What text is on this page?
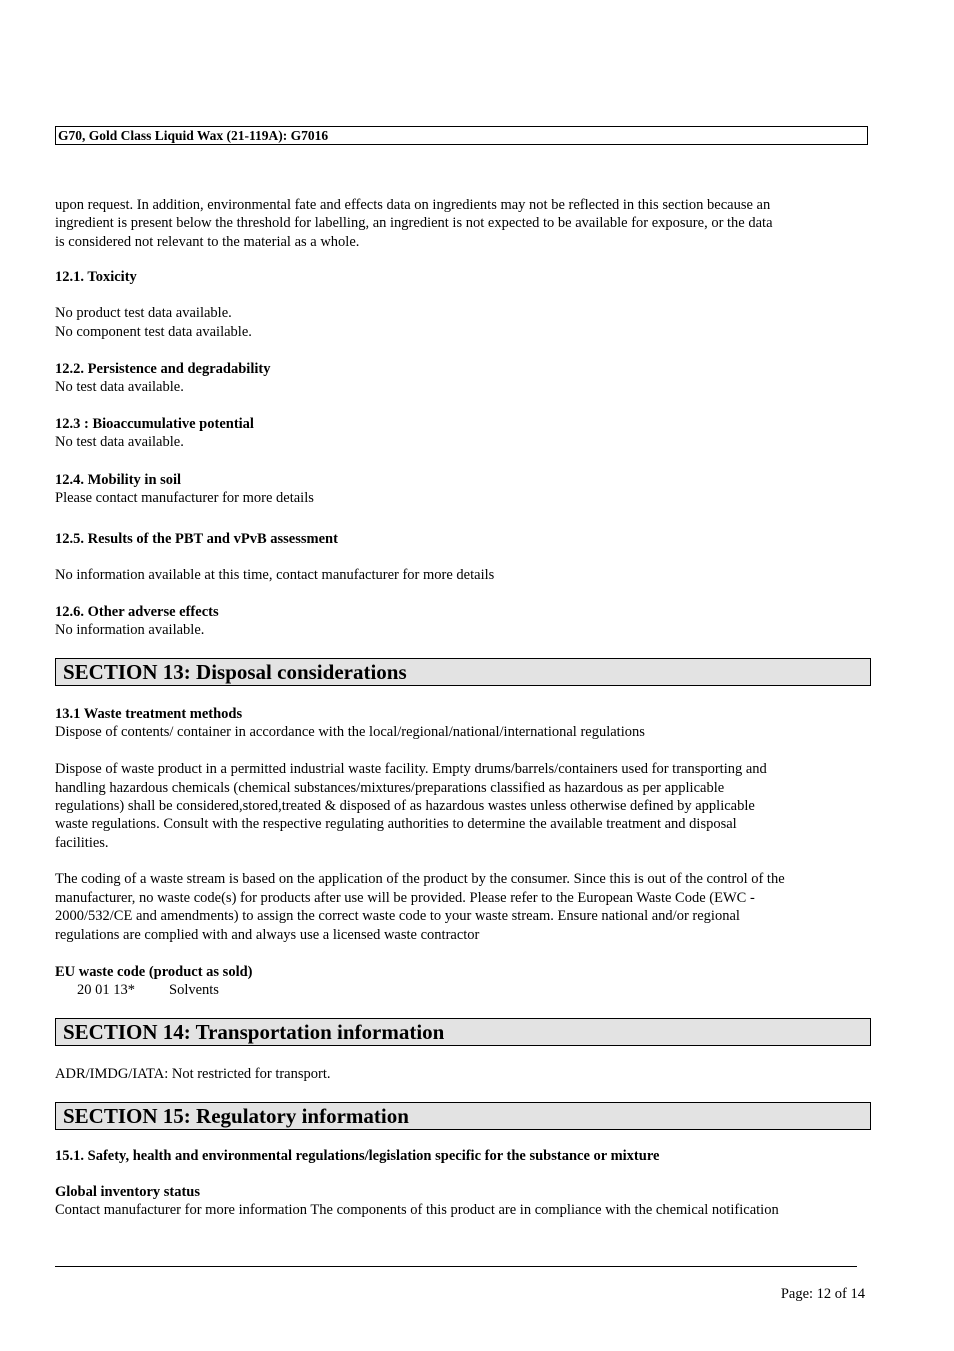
G70, Gold Class Liquid Wax (21-119A): G7016

upon request. In addition, environmental fate and effects data on ingredients may not be reflected in this section because an

ingredient is present below the threshold for labelling, an ingredient is not expected to be available for exposure, or the data

is considered not relevant to the material as a whole.

12.1. Toxicity

No product test data available.

No component test data available.

12.2. Persistence and degradability

No test data available.

12.3 : Bioaccumulative potential

No test data available.

12.4. Mobility in soil

Please contact manufacturer for more details

12.5. Results of the PBT and vPvB assessment

No information available at this time, contact manufacturer for more details

12.6. Other adverse effects

No information available.

SECTION 13: Disposal considerations

13.1 Waste treatment methods

Dispose of contents/ container in accordance with the local/regional/national/international regulations

Dispose of waste product in a permitted industrial waste facility. Empty drums/barrels/containers used for transporting and

handling hazardous chemicals (chemical substances/mixtures/preparations classified as hazardous as per applicable

regulations) shall be considered,stored,treated & disposed of as hazardous wastes unless otherwise defined by applicable

waste regulations. Consult with the respective regulating authorities to determine the available treatment and disposal

facilities.

The coding of a waste stream is based on the application of the product by the consumer. Since this is out of the control of the

manufacturer, no waste code(s) for products after use will be provided. Please refer to the European Waste Code (EWC -

2000/532/CE and amendments) to assign the correct waste code to your waste stream. Ensure national and/or regional

regulations are complied with and always use a licensed waste contractor

EU waste code (product as sold)

20 01 13* Solvents
SECTION 14: Transportation information

ADR/IMDG/IATA: Not restricted for transport.

SECTION 15: Regulatory information

15.1. Safety, health and environmental regulations/legislation specific for the substance or mixture

Global inventory status

Contact manufacturer for more information The components of this product are in compliance with the chemical notification

Page: 12 of 14
